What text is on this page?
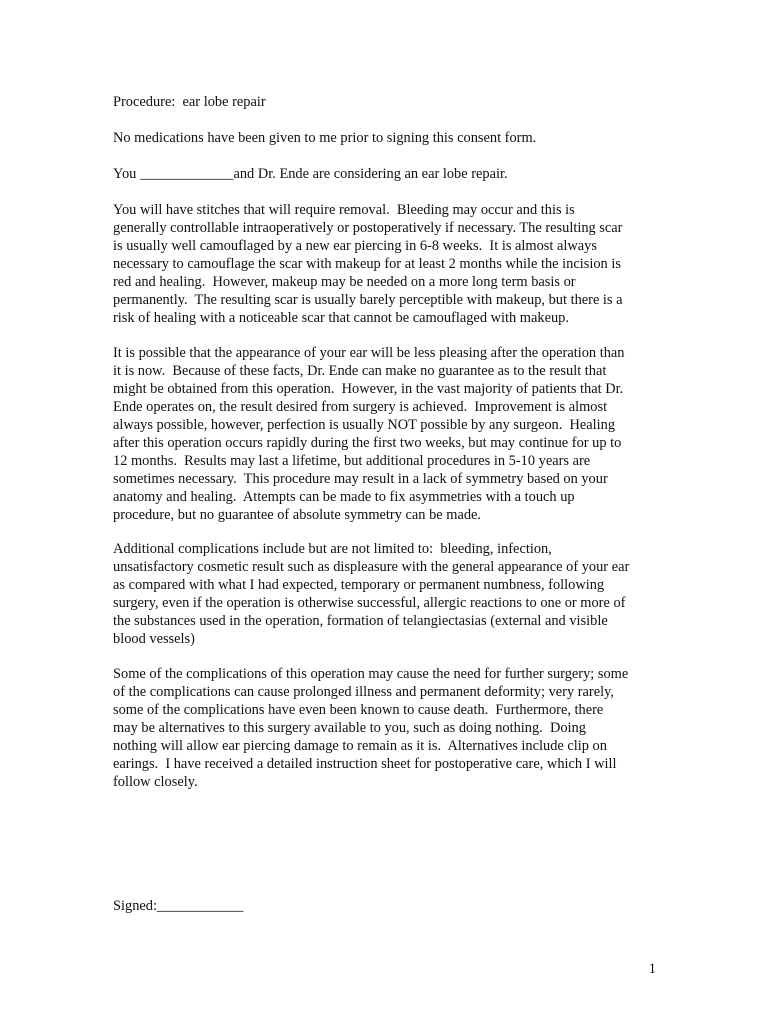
Procedure:  ear lobe repair

No medications have been given to me prior to signing this consent form.

You _____________and Dr. Ende are considering an ear lobe repair.

You will have stitches that will require removal.  Bleeding may occur and this is
generally controllable intraoperatively or postoperatively if necessary. The resulting scar
is usually well camouflaged by a new ear piercing in 6-8 weeks.  It is almost always
necessary to camouflage the scar with makeup for at least 2 months while the incision is
red and healing.  However, makeup may be needed on a more long term basis or
permanently.  The resulting scar is usually barely perceptible with makeup, but there is a
risk of healing with a noticeable scar that cannot be camouflaged with makeup.

It is possible that the appearance of your ear will be less pleasing after the operation than
it is now.  Because of these facts, Dr. Ende can make no guarantee as to the result that
might be obtained from this operation.  However, in the vast majority of patients that Dr.
Ende operates on, the result desired from surgery is achieved.  Improvement is almost
always possible, however, perfection is usually NOT possible by any surgeon.  Healing
after this operation occurs rapidly during the first two weeks, but may continue for up to
12 months.  Results may last a lifetime, but additional procedures in 5-10 years are
sometimes necessary.  This procedure may result in a lack of symmetry based on your
anatomy and healing.  Attempts can be made to fix asymmetries with a touch up
procedure, but no guarantee of absolute symmetry can be made.

Additional complications include but are not limited to:  bleeding, infection,
unsatisfactory cosmetic result such as displeasure with the general appearance of your ear
as compared with what I had expected, temporary or permanent numbness, following
surgery, even if the operation is otherwise successful, allergic reactions to one or more of
the substances used in the operation, formation of telangiectasias (external and visible
blood vessels)

Some of the complications of this operation may cause the need for further surgery; some
of the complications can cause prolonged illness and permanent deformity; very rarely,
some of the complications have even been known to cause death.  Furthermore, there
may be alternatives to this surgery available to you, such as doing nothing.  Doing
nothing will allow ear piercing damage to remain as it is.  Alternatives include clip on
earings.  I have received a detailed instruction sheet for postoperative care, which I will
follow closely.

Signed:____________

1
